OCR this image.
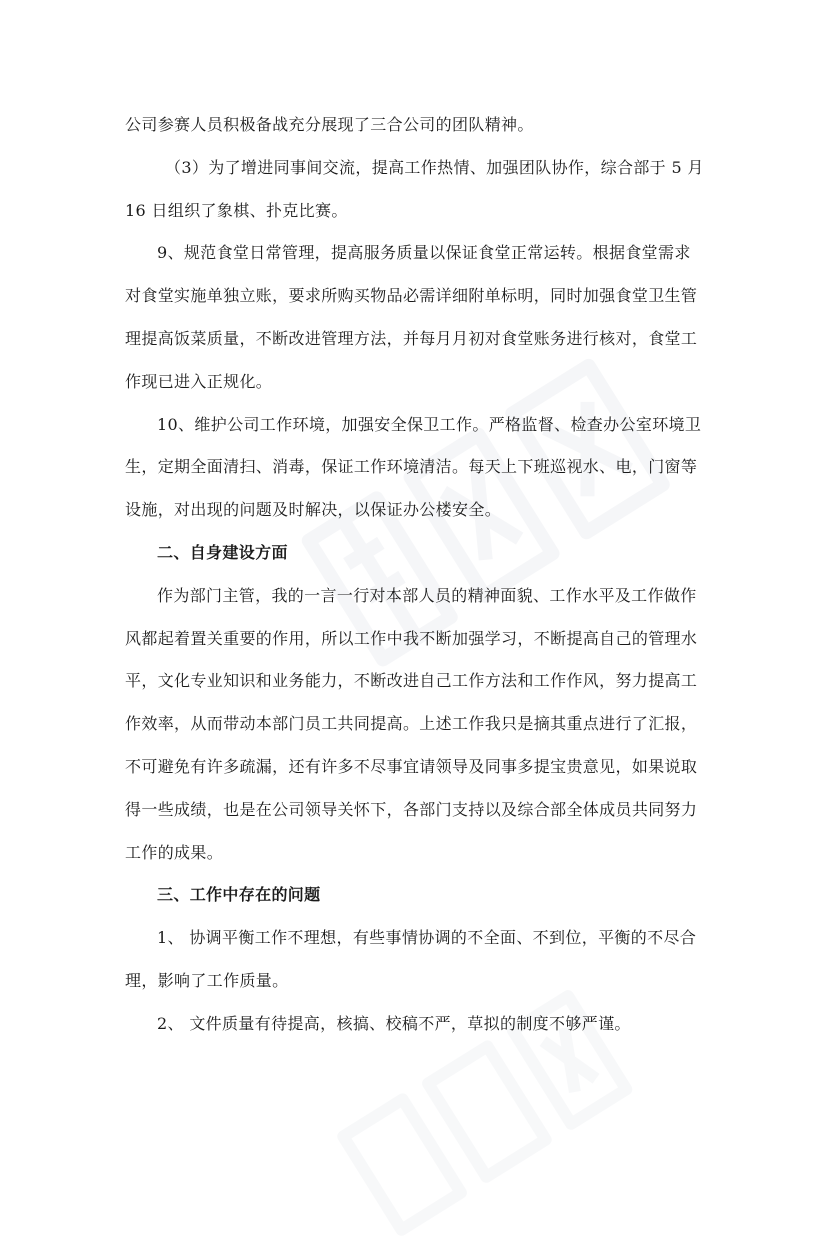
公司参赛人员积极备战充分展现了三合公司的团队精神。
（3）为了增进同事间交流，提高工作热情、加强团队协作，综合部于 5 月
16 日组织了象棋、扑克比赛。
9、规范食堂日常管理，提高服务质量以保证食堂正常运转。根据食堂需求
对食堂实施单独立账，要求所购买物品必需详细附单标明，同时加强食堂卫生管
理提高饭菜质量，不断改进管理方法，并每月月初对食堂账务进行核对，食堂工
作现已进入正规化。
10、维护公司工作环境，加强安全保卫工作。严格监督、检查办公室环境卫
生，定期全面清扫、消毒，保证工作环境清洁。每天上下班巡视水、电，门窗等
设施，对出现的问题及时解决，以保证办公楼安全。
二、自身建设方面
作为部门主管，我的一言一行对本部人员的精神面貌、工作水平及工作做作
风都起着置关重要的作用，所以工作中我不断加强学习，不断提高自己的管理水
平，文化专业知识和业务能力，不断改进自己工作方法和工作作风，努力提高工
作效率，从而带动本部门员工共同提高。上述工作我只是摘其重点进行了汇报，
不可避免有许多疏漏，还有许多不尽事宜请领导及同事多提宝贵意见，如果说取
得一些成绩，也是在公司领导关怀下，各部门支持以及综合部全体成员共同努力
工作的成果。
三、工作中存在的问题
1、 协调平衡工作不理想，有些事情协调的不全面、不到位，平衡的不尽合
理，影响了工作质量。
2、 文件质量有待提高，核搞、校稿不严，草拟的制度不够严谨。
